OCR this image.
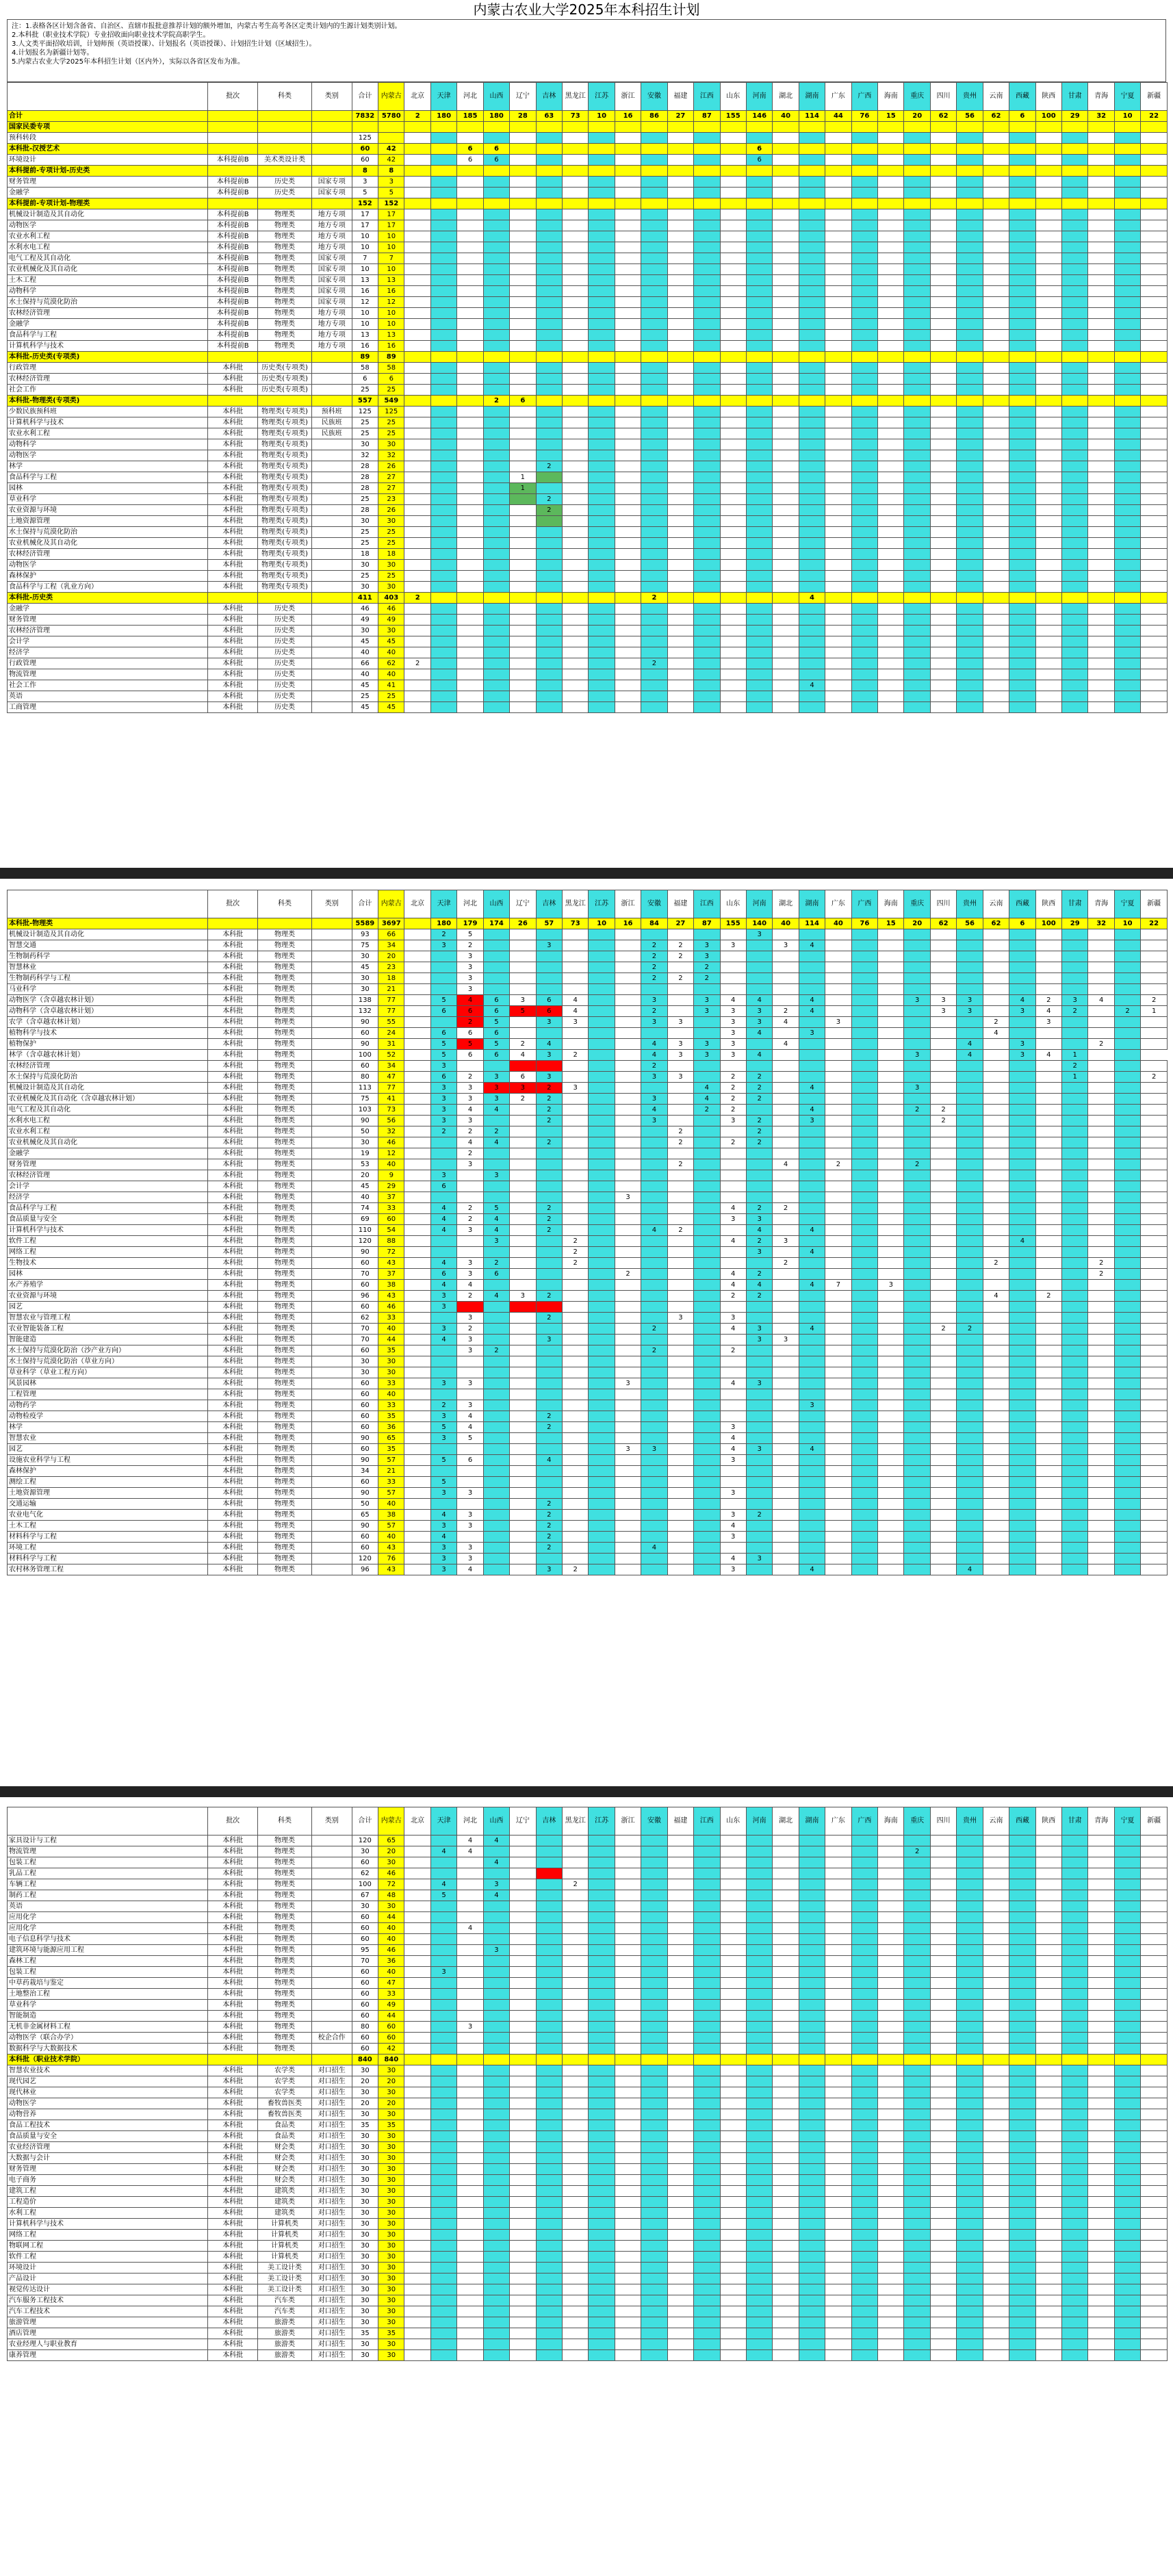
内蒙古农业大学2025年本科招生计划
注：1.表格各区计划含备省、自治区、直辖市报批意推荐计划的额外增加，内蒙古考生高考各区定类计划内的生源计划类别计划。
2.本科批（职业技术学院）专业招收面向职业技术学院高职学生。
3.人文类平面招收培训，计划师预（英语授课）、计划报名（英语授课）、计划招生计划（区域招生）。
4.计划报名为新疆计划等。
5.内蒙古农业大学2025年本科招生计划（区内外），实际以各省区发布为准。
	批次	科类	类别	合计	内蒙古	北京	天津	河北	山西	辽宁	吉林	黑龙江	江苏	浙江	安徽	福建	江西	山东	河南	湖北	湖南	广东	广西	海南	重庆	四川	贵州	云南	西藏	陕西	甘肃	青海	宁夏	新疆
合计				7832	5780	2	180	185	180	28	63	73	10	16	86	27	87	155	146	40	114	44	76	15	20	62	56	62	6	100	29	32	10	22
国家民委专项																																		
预科转段				125																														
本科批-汉授艺术				60	42			6	6										6															
环境设计	本科提前B	美术类设计类		60	42			6	6										6															
本科提前-专项计划-历史类				8	8																													
财务管理	本科提前B	历史类	国家专项	3	3																													
金融学	本科提前B	历史类	国家专项	5	5																													
本科提前-专项计划-物理类				152	152																													
机械设计制造及其自动化	本科提前B	物理类	地方专项	17	17																													
动物医学	本科提前B	物理类	地方专项	17	17																													
农业水利工程	本科提前B	物理类	地方专项	10	10																													
水利水电工程	本科提前B	物理类	地方专项	10	10																													
电气工程及其自动化	本科提前B	物理类	国家专项	7	7																													
农业机械化及其自动化	本科提前B	物理类	国家专项	10	10																													
土木工程	本科提前B	物理类	国家专项	13	13																													
动物科学	本科提前B	物理类	国家专项	16	16																													
水土保持与荒漠化防治	本科提前B	物理类	国家专项	12	12																													
农林经济管理	本科提前B	物理类	地方专项	10	10																													
金融学	本科提前B	物理类	地方专项	10	10																													
食品科学与工程	本科提前B	物理类	地方专项	13	13																													
计算机科学与技术	本科提前B	物理类	地方专项	16	16																													
本科批-历史类(专项类)				89	89																													
行政管理	本科批	历史类(专项类)		58	58																													
农林经济管理	本科批	历史类(专项类)		6	6																													
社会工作	本科批	历史类(专项类)		25	25																													
本科批-物理类(专项类)				557	549				2	6																								
少数民族预科班	本科批	物理类(专项类)	预科班	125	125																													
计算机科学与技术	本科批	物理类(专项类)	民族班	25	25																													
农业水利工程	本科批	物理类(专项类)	民族班	25	25																													
动物科学	本科批	物理类(专项类)		30	30																													
动物医学	本科批	物理类(专项类)		32	32																													
林学	本科批	物理类(专项类)		28	26						2																							
食品科学与工程	本科批	物理类(专项类)		28	27					1																								
园林	本科批	物理类(专项类)		28	27					1																								
草业科学	本科批	物理类(专项类)		25	23						2																							
农业资源与环境	本科批	物理类(专项类)		28	26						2																							
土地资源管理	本科批	物理类(专项类)		30	30																													
水土保持与荒漠化防治	本科批	物理类(专项类)		25	25																													
农业机械化及其自动化	本科批	物理类(专项类)		25	25																													
农林经济管理	本科批	物理类(专项类)		18	18																													
动物医学	本科批	物理类(专项类)		30	30																													
森林保护	本科批	物理类(专项类)		25	25																													
食品科学与工程（乳业方向）	本科批	物理类(专项类)		30	30																													
本科批-历史类				411	403	2									2						4													
金融学	本科批	历史类		46	46																													
财务管理	本科批	历史类		49	49																													
农林经济管理	本科批	历史类		30	30																													
会计学	本科批	历史类		45	45																													
经济学	本科批	历史类		40	40																													
行政管理	本科批	历史类		66	62	2									2																			
物流管理	本科批	历史类		40	40																													
社会工作	本科批	历史类		45	41																4													
英语	本科批	历史类		25	25																													
工商管理	本科批	历史类		45	45																													
	批次	科类	类别	合计	内蒙古	北京	天津	河北	山西	辽宁	吉林	黑龙江	江苏	浙江	安徽	福建	江西	山东	河南	湖北	湖南	广东	广西	海南	重庆	四川	贵州	云南	西藏	陕西	甘肃	青海	宁夏	新疆
本科批-物理类				5589	3697		180	179	174	26	57	73	10	16	84	27	87	155	140	40	114	40	76	15	20	62	56	62	6	100	29	32	10	22
机械设计制造及其自动化	本科批	物理类		93	66		2	5											3															
智慧交通	本科批	物理类		75	34		3	2			3				2	2	3	3		3	4													
生物制药科学	本科批	物理类		30	20			3							2	2	3																	
智慧林业	本科批	物理类		45	23			3							2		2																	
生物制药科学与工程	本科批	物理类		30	18			3							2	2	2																	
马业科学	本科批	物理类		30	21			3																										
动物医学（含卓越农林计划）	本科批	物理类		138	77		5	4	6	3	6	4			3		3	4	4		4				3	3	3		4	2	3	4		2
动物科学（含卓越农林计划）	本科批	物理类		132	77		6	6	6	5	6	4			2		3	3	3	2	4					3	3		3	4	2		2	1
农学（含卓越农林计划）	本科批	物理类		90	55			2	5		3	3			3	3		3	3	4		3						2		3				
植物科学与技术	本科批	物理类		60	24		6	6	6									3	4		3							4						
植物保护	本科批	物理类		90	31		5	5	5	2	4				4	3	3	3		4							4		3			2		
林学（含卓越农林计划）	本科批	物理类		100	52		5	6	6	4	3	2			4	3	3	3	4						3		4		3	4	1			
农林经济管理	本科批	物理类		60	34		3								2																2			
水土保持与荒漠化防治	本科批	物理类		80	47		6	2	3	6	3				3	3		2	2												1			2
机械设计制造及其自动化	本科批	物理类		113	77		3	3	3	3	2	3					4	2	2		4				3									
农业机械化及其自动化（含卓越农林计划）	本科批	物理类		75	41		3	3	3	2	2				3		4	2	2															
电气工程及其自动化	本科批	物理类		103	73		3	4	4		2				4		2	2			4				2	2								
水利水电工程	本科批	物理类		90	56		3	3			2				3			3	2		3					2								
农业水利工程	本科批	物理类		50	32		2	2	2							2			2															
农业机械化及其自动化	本科批	物理类		30	46			4	4		2					2		2	2															
金融学	本科批	物理类		19	12			2																										
财务管理	本科批	物理类		53	40			3								2				4		2			2									
农林经济管理	本科批	物理类		20	9		3		3																									
会计学	本科批	物理类		45	29		6																											
经济学	本科批	物理类		40	37									3																				
食品科学与工程	本科批	物理类		74	33		4	2	5		2							4	2	2														
食品质量与安全	本科批	物理类		69	60		4	2	4		2							3	3															
计算机科学与技术	本科批	物理类		110	54		4	3	4		2				4	2			4		4													
软件工程	本科批	物理类		120	88				3			2						4	2	3									4					
网络工程	本科批	物理类		90	72							2							3		4													
生物技术	本科批	物理类		60	43		4	3	2			2								2								2				2		
园林	本科批	物理类		70	37		6	3	6					2				4	2													2		
水产养殖学	本科批	物理类		60	38		4	4										4	4		4	7		3										
农业资源与环境	本科批	物理类		96	43		3	2	4	3	2							2	2									4		2				
园艺	本科批	物理类		60	46		3																											
智慧农业与管理工程	本科批	物理类		62	33			3			2					3		3																
农业智能装备工程	本科批	物理类		70	40		3	2							2			4	3		4					2	2							
智能建造	本科批	物理类		70	44		4	3			3								3	3														
水土保持与荒漠化防治（沙产业方向）	本科批	物理类		60	35			3	2						2			2																
水土保持与荒漠化防治（草业方向）	本科批	物理类		30	30																													
草业科学（草业工程方向）	本科批	物理类		30	30																													
风景园林	本科批	物理类		60	33		3	3						3				4	3															
工程管理	本科批	物理类		60	40																													
动物药学	本科批	物理类		60	33		2	3													3													
动物检疫学	本科批	物理类		60	35		3	4			2																							
林学	本科批	物理类		60	36		5	4			2							3																
智慧农业	本科批	物理类		90	65		3	5										4																
园艺	本科批	物理类		60	35									3	3			4	3		4													
设施农业科学与工程	本科批	物理类		90	57		5	6			4							3																
森林保护	本科批	物理类		34	21																													
测绘工程	本科批	物理类		60	33		5																											
土地资源管理	本科批	物理类		90	57		3	3										3																
交通运输	本科批	物理类		50	40						2																							
农业电气化	本科批	物理类		65	38		4	3			2							3	2															
土木工程	本科批	物理类		90	57		3	3			2							4																
材料科学与工程	本科批	物理类		60	40		4				2							3																
环境工程	本科批	物理类		60	43		3	3			2				4																			
材料科学与工程	本科批	物理类		120	76		3	3										4	3															
农村林务管理工程	本科批	物理类		96	43		3	4			3	2						3			4						4							
	批次	科类	类别	合计	内蒙古	北京	天津	河北	山西	辽宁	吉林	黑龙江	江苏	浙江	安徽	福建	江西	山东	河南	湖北	湖南	广东	广西	海南	重庆	四川	贵州	云南	西藏	陕西	甘肃	青海	宁夏	新疆
家具设计与工程	本科批	物理类		120	65			4	4																									
物流管理	本科批	物理类		30	20		4	4																	2									
包装工程	本科批	物理类		60	30				4																									
乳品工程	本科批	物理类		62	46																													
车辆工程	本科批	物理类		100	72		4		3			2																						
制药工程	本科批	物理类		67	48		5		4																									
英语	本科批	物理类		30	30																													
应用化学	本科批	物理类		60	44																													
应用化学	本科批	物理类		60	40			4																										
电子信息科学与技术	本科批	物理类		60	40																													
建筑环境与能源应用工程	本科批	物理类		95	46				3																									
森林工程	本科批	物理类		70	36																													
包装工程	本科批	物理类		60	40		3																											
中草药栽培与鉴定	本科批	物理类		60	47																													
土地整治工程	本科批	物理类		60	33																													
草业科学	本科批	物理类		60	49																													
智能制造	本科批	物理类		60	44																													
无机非金属材料工程	本科批	物理类		80	60			3																										
动物医学（联合办学）	本科批	物理类	校企合作	60	60																													
数据科学与大数据技术	本科批	物理类		60	42																													
本科批（职业技术学院）				840	840																													
智慧农业技术	本科批	农学类	对口招生	30	30																													
现代园艺	本科批	农学类	对口招生	20	20																													
现代林业	本科批	农学类	对口招生	30	30																													
动物医学	本科批	畜牧兽医类	对口招生	20	20																													
动物营养	本科批	畜牧兽医类	对口招生	30	30																													
食品工程技术	本科批	食品类	对口招生	35	35																													
食品质量与安全	本科批	食品类	对口招生	30	30																													
农业经济管理	本科批	财会类	对口招生	30	30																													
大数据与会计	本科批	财会类	对口招生	30	30																													
财务管理	本科批	财会类	对口招生	30	30																													
电子商务	本科批	财会类	对口招生	30	30																													
建筑工程	本科批	建筑类	对口招生	30	30																													
工程造价	本科批	建筑类	对口招生	30	30																													
水利工程	本科批	建筑类	对口招生	30	30																													
计算机科学与技术	本科批	计算机类	对口招生	30	30																													
网络工程	本科批	计算机类	对口招生	30	30																													
物联网工程	本科批	计算机类	对口招生	30	30																													
软件工程	本科批	计算机类	对口招生	30	30																													
环境设计	本科批	美工设计类	对口招生	30	30																													
产品设计	本科批	美工设计类	对口招生	30	30																													
视觉传达设计	本科批	美工设计类	对口招生	30	30																													
汽车服务工程技术	本科批	汽车类	对口招生	30	30																													
汽车工程技术	本科批	汽车类	对口招生	30	30																													
旅游管理	本科批	旅游类	对口招生	30	30																													
酒店管理	本科批	旅游类	对口招生	35	35																													
农业经理人与职业教育	本科批	旅游类	对口招生	30	30																													
康养管理	本科批	旅游类	对口招生	30	30																													
